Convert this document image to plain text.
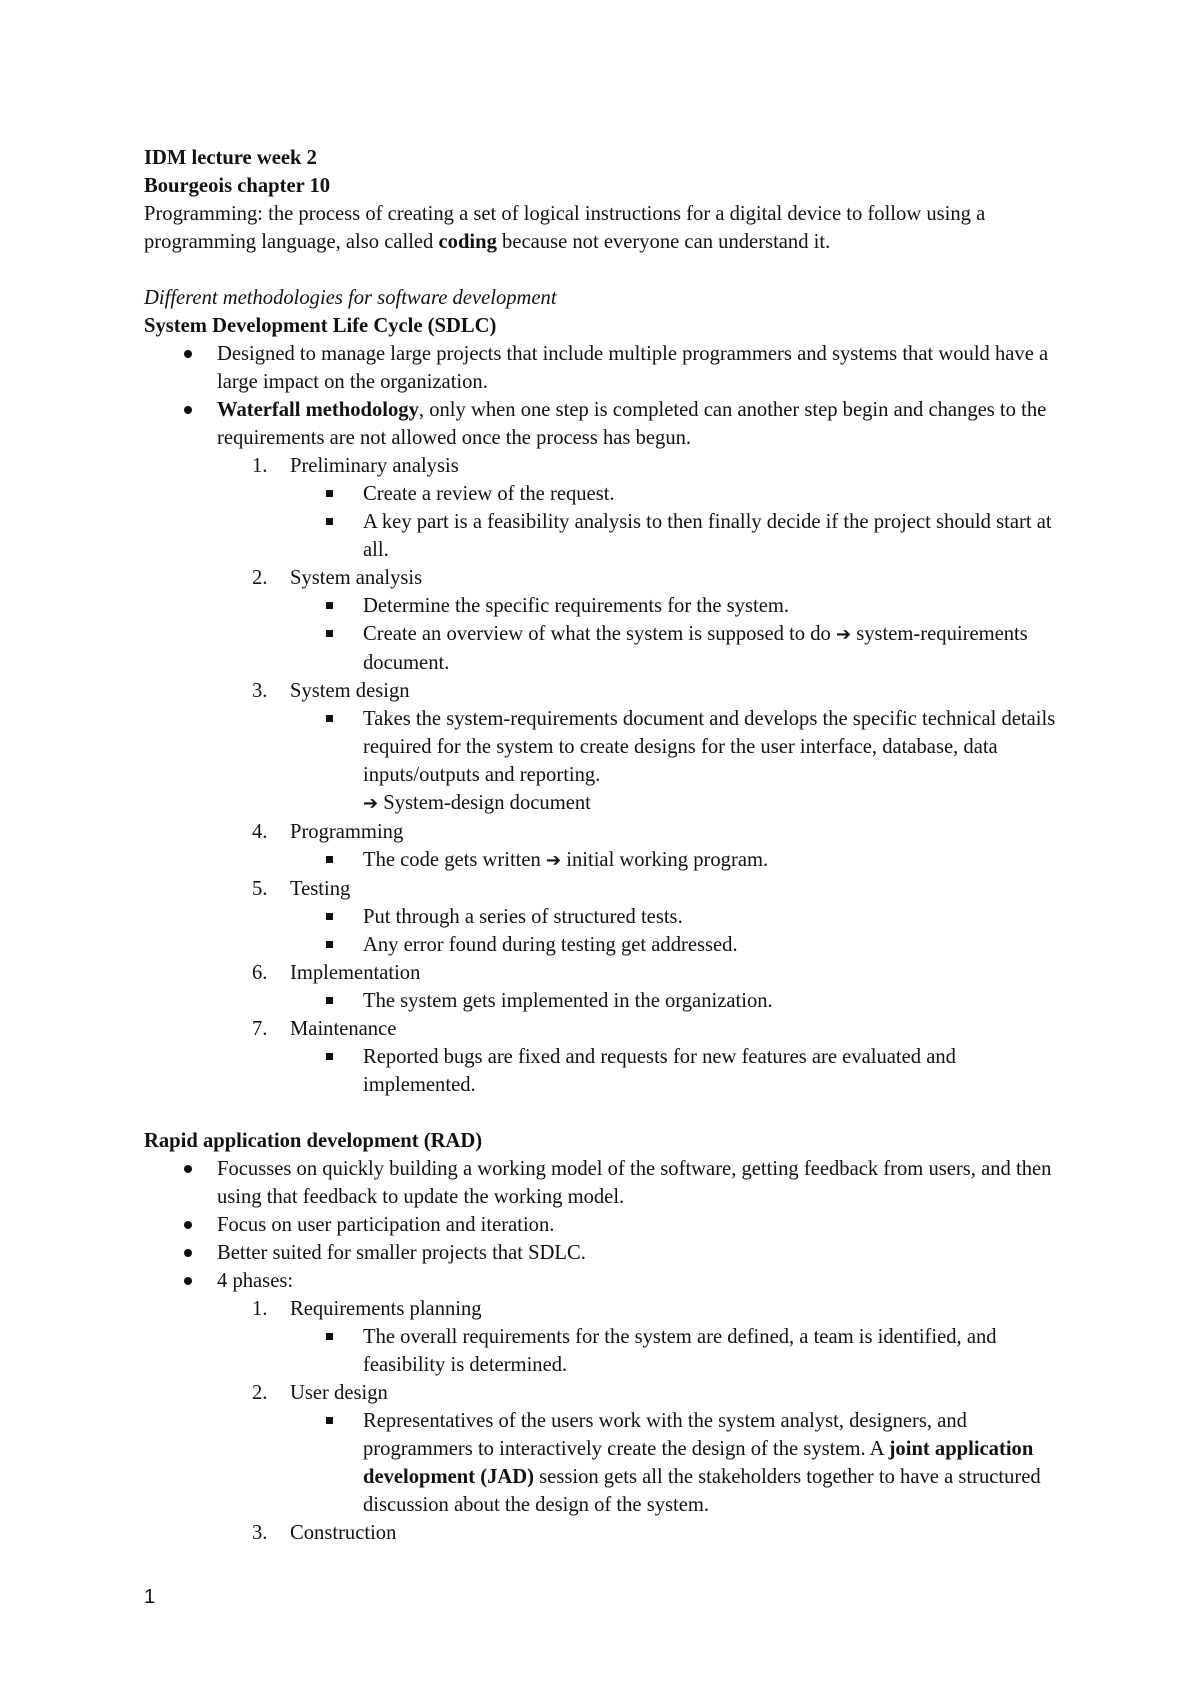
IDM lecture week 2

Bourgeois chapter 10

Programming: the process of creating a set of logical instructions for a digital device to follow using a programming language, also called coding because not everyone can understand it.

Different methodologies for software development

System Development Life Cycle (SDLC)

Designed to manage large projects that include multiple programmers and systems that would have a large impact on the organization.
Waterfall methodology, only when one step is completed can another step begin and changes to the requirements are not allowed once the process has begun.
1.	Preliminary analysis
Create a review of the request.
A key part is a feasibility analysis to then finally decide if the project should start at all.
2.	System analysis
Determine the specific requirements for the system.
Create an overview of what the system is supposed to do ➔ system-requirements document.
3.	System design
Takes the system-requirements document and develops the specific technical details required for the system to create designs for the user interface, database, data inputs/outputs and reporting.
➔ System-design document
4.	Programming
The code gets written ➔ initial working program.
5.	Testing
Put through a series of structured tests.
Any error found during testing get addressed.
6.	Implementation
The system gets implemented in the organization.
7.	Maintenance
Reported bugs are fixed and requests for new features are evaluated and implemented.

Rapid application development (RAD)

Focusses on quickly building a working model of the software, getting feedback from users, and then using that feedback to update the working model.
Focus on user participation and iteration.
Better suited for smaller projects that SDLC.
4 phases:
1.	Requirements planning
The overall requirements for the system are defined, a team is identified, and feasibility is determined.
2.	User design
Representatives of the users work with the system analyst, designers, and programmers to interactively create the design of the system. A joint application development (JAD) session gets all the stakeholders together to have a structured discussion about the design of the system.
3.	Construction
1
